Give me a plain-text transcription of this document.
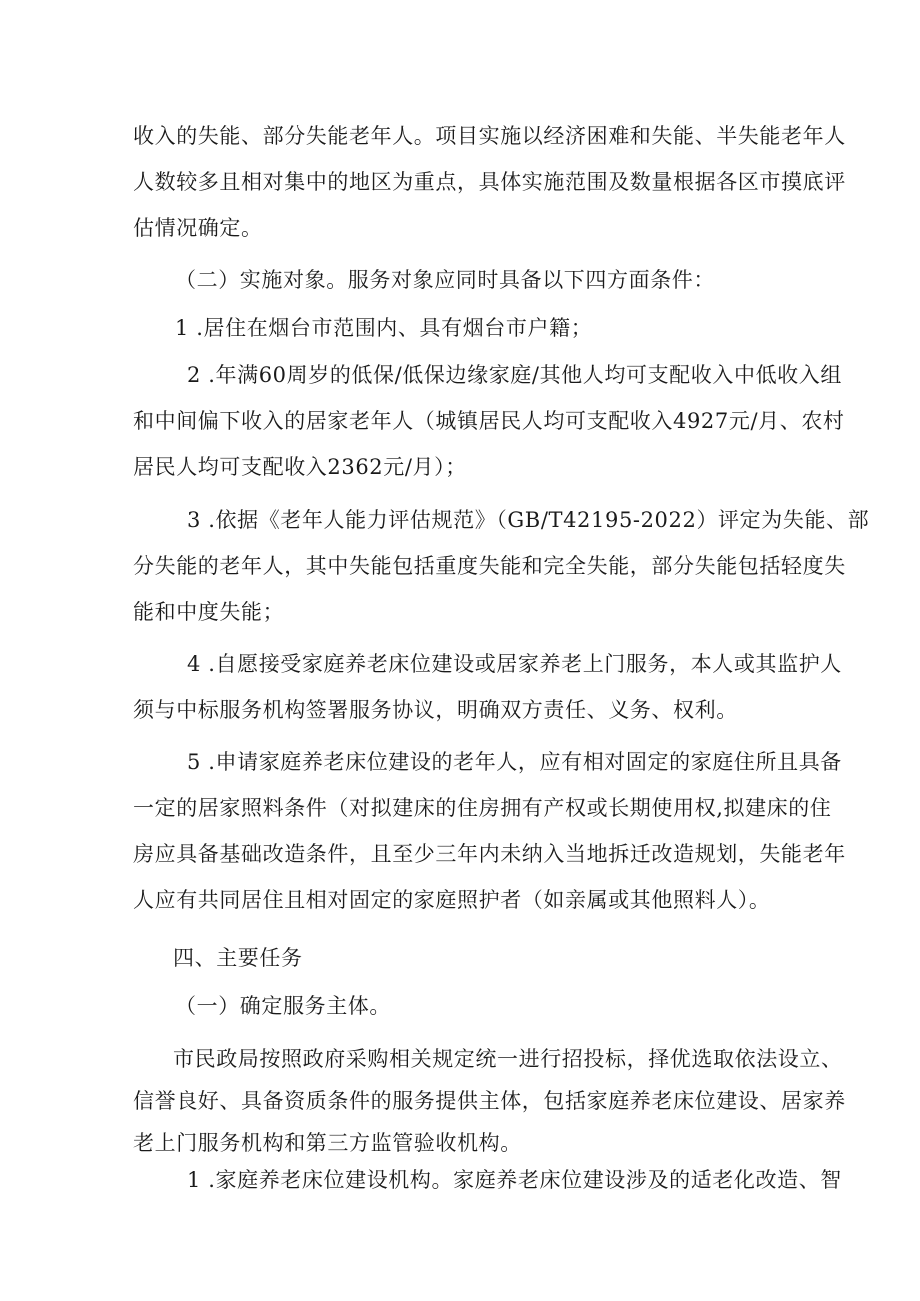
收入的失能、部分失能老年人。项目实施以经济困难和失能、半失能老年人
人数较多且相对集中的地区为重点，具体实施范围及数量根据各区市摸底评
估情况确定。
（二）实施对象。服务对象应同时具备以下四方面条件：
1 .居住在烟台市范围内、具有烟台市户籍；
2 .年满60周岁的低保/低保边缘家庭/其他人均可支配收入中低收入组
和中间偏下收入的居家老年人（城镇居民人均可支配收入4927元/月、农村
居民人均可支配收入2362元/月）；
3 .依据《老年人能力评估规范》（GB/T42195-2022）评定为失能、部
分失能的老年人，其中失能包括重度失能和完全失能，部分失能包括轻度失
能和中度失能；
4 .自愿接受家庭养老床位建设或居家养老上门服务，本人或其监护人
须与中标服务机构签署服务协议，明确双方责任、义务、权利。
5 .申请家庭养老床位建设的老年人，应有相对固定的家庭住所且具备
一定的居家照料条件（对拟建床的住房拥有产权或长期使用权,拟建床的住
房应具备基础改造条件，且至少三年内未纳入当地拆迁改造规划，失能老年
人应有共同居住且相对固定的家庭照护者（如亲属或其他照料人）。
四、主要任务
（一）确定服务主体。
市民政局按照政府采购相关规定统一进行招投标，择优选取依法设立、
信誉良好、具备资质条件的服务提供主体，包括家庭养老床位建设、居家养
老上门服务机构和第三方监管验收机构。
1 .家庭养老床位建设机构。家庭养老床位建设涉及的适老化改造、智
